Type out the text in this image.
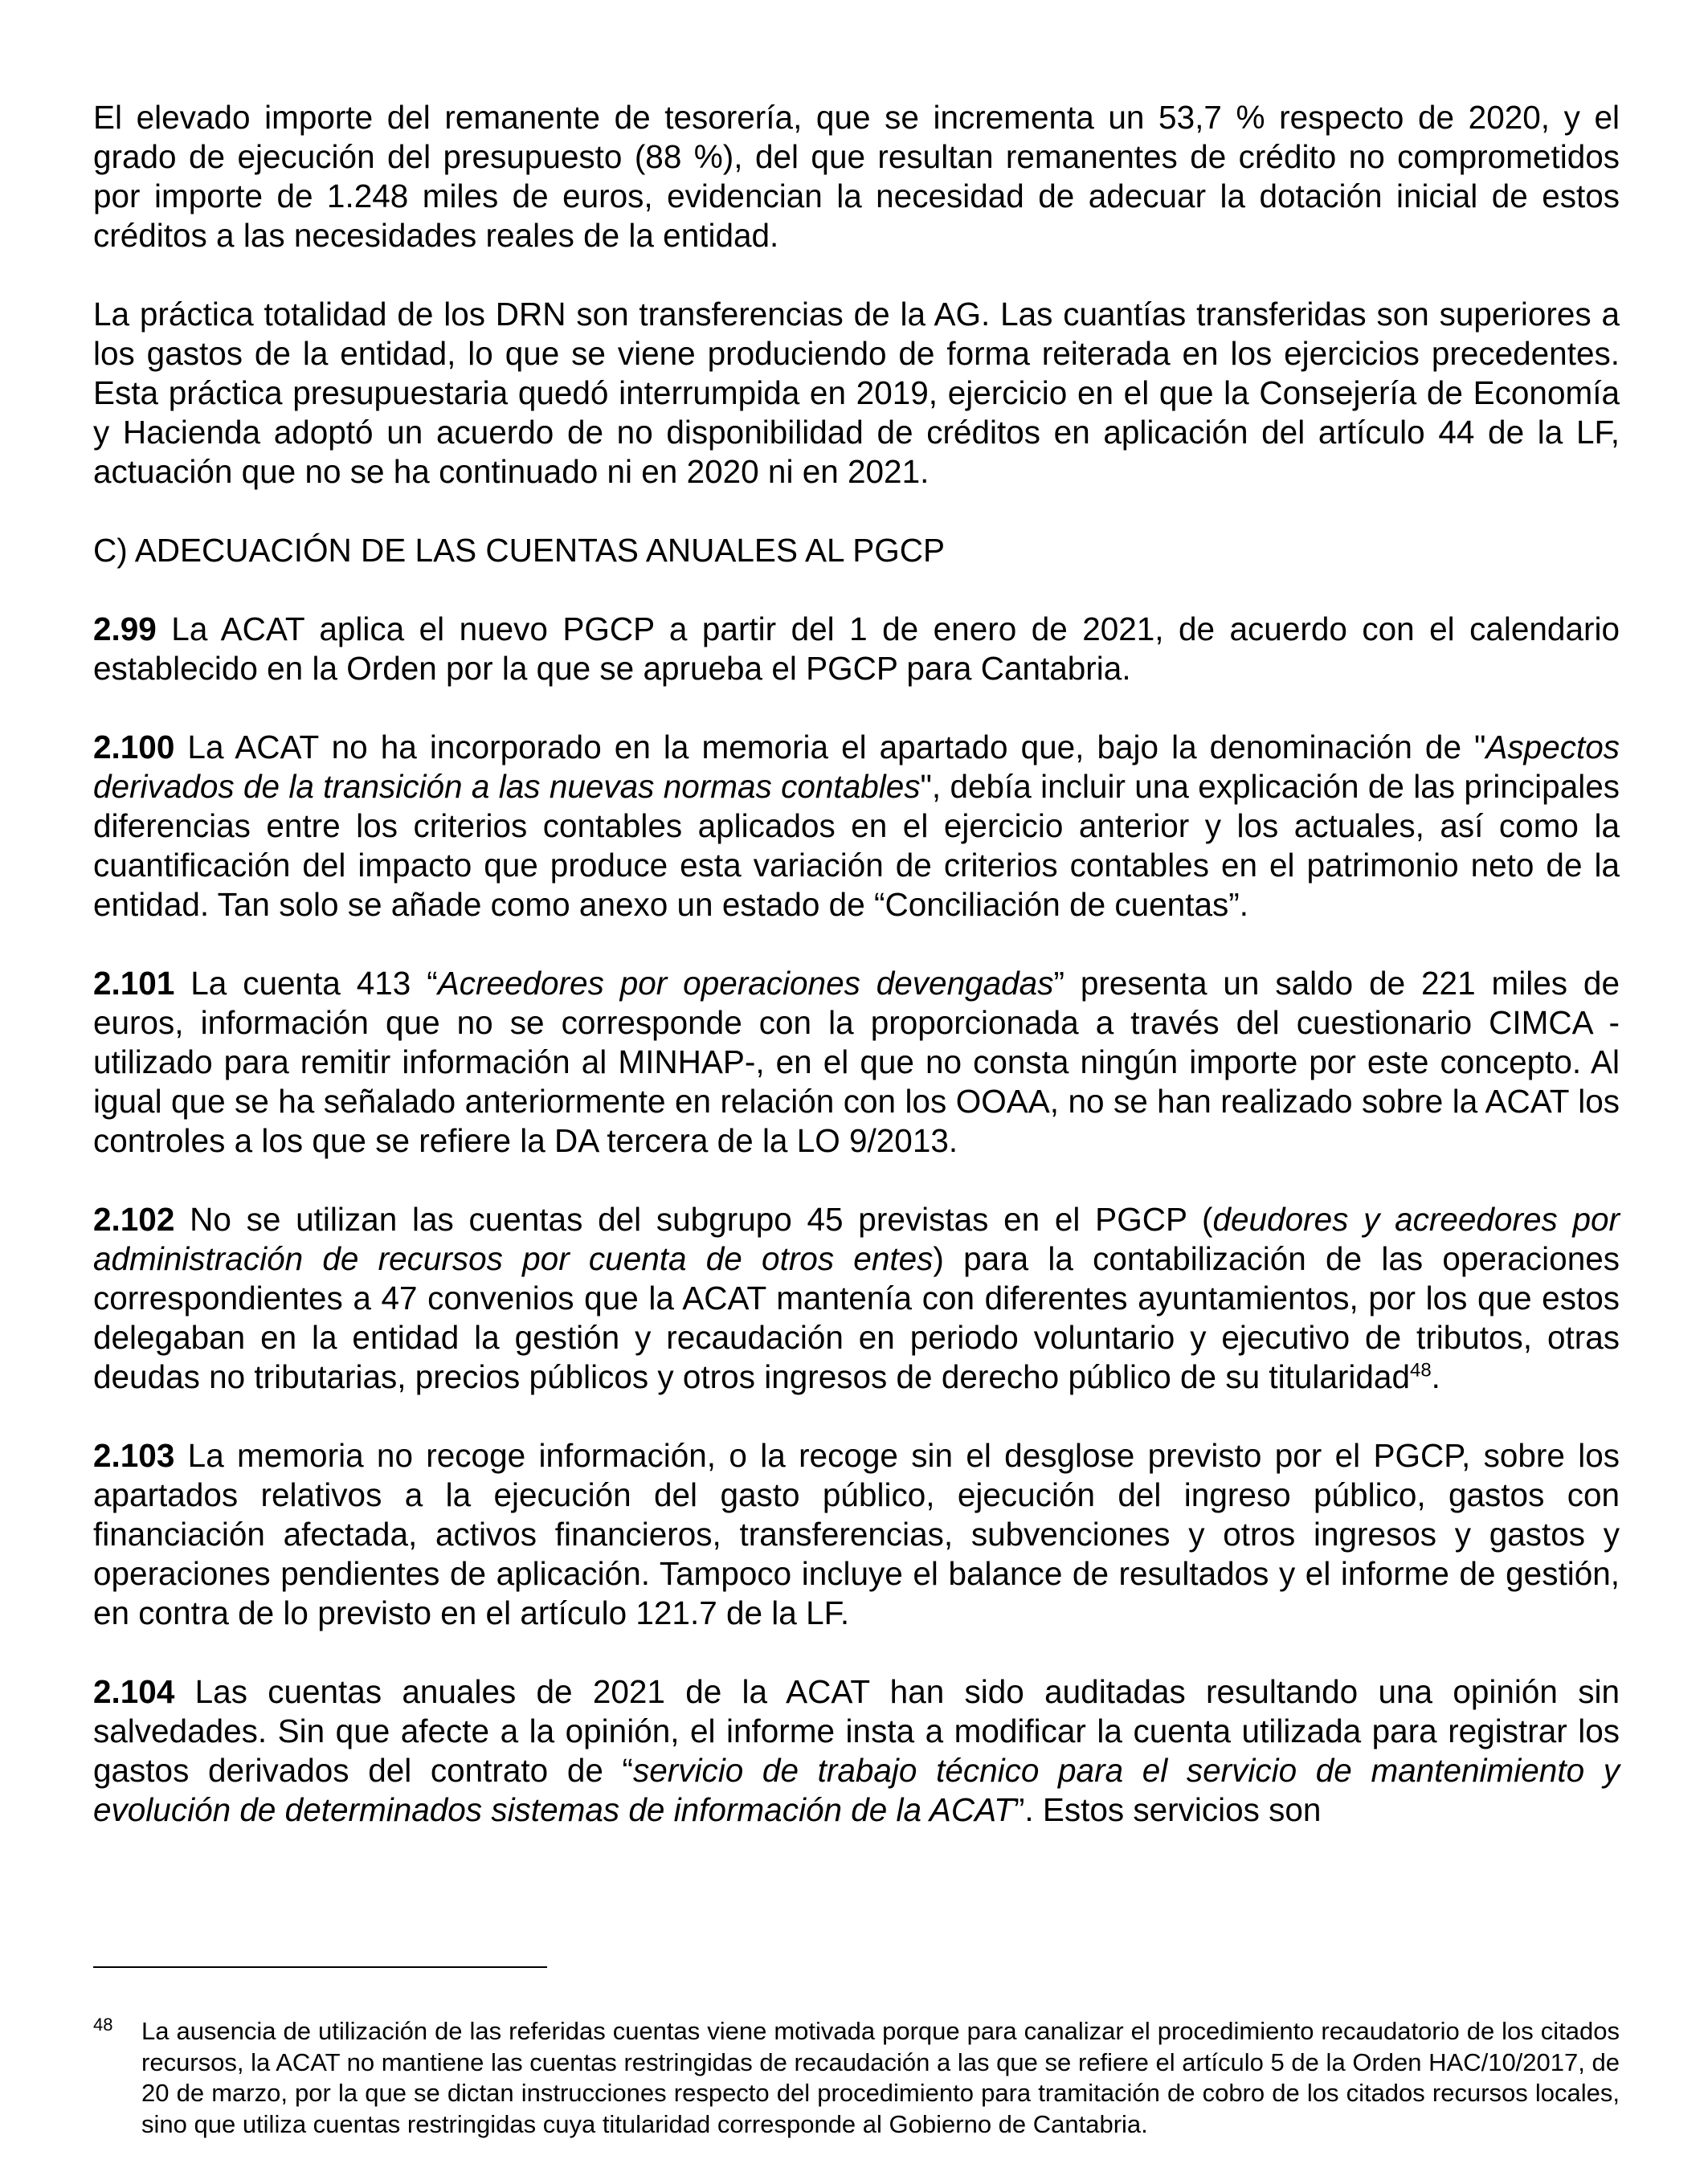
El elevado importe del remanente de tesorería, que se incrementa un 53,7 % respecto de 2020, y el grado de ejecución del presupuesto (88 %), del que resultan remanentes de crédito no comprometidos por importe de 1.248 miles de euros, evidencian la necesidad de adecuar la dotación inicial de estos créditos a las necesidades reales de la entidad.

La práctica totalidad de los DRN son transferencias de la AG. Las cuantías transferidas son superiores a los gastos de la entidad, lo que se viene produciendo de forma reiterada en los ejercicios precedentes. Esta práctica presupuestaria quedó interrumpida en 2019, ejercicio en el que la Consejería de Economía y Hacienda adoptó un acuerdo de no disponibilidad de créditos en aplicación del artículo 44 de la LF, actuación que no se ha continuado ni en 2020 ni en 2021.

C) ADECUACIÓN DE LAS CUENTAS ANUALES AL PGCP

2.99 La ACAT aplica el nuevo PGCP a partir del 1 de enero de 2021, de acuerdo con el calendario establecido en la Orden por la que se aprueba el PGCP para Cantabria.

2.100 La ACAT no ha incorporado en la memoria el apartado que, bajo la denominación de "Aspectos derivados de la transición a las nuevas normas contables", debía incluir una explicación de las principales diferencias entre los criterios contables aplicados en el ejercicio anterior y los actuales, así como la cuantificación del impacto que produce esta variación de criterios contables en el patrimonio neto de la entidad. Tan solo se añade como anexo un estado de “Conciliación de cuentas”.

2.101 La cuenta 413 “Acreedores por operaciones devengadas” presenta un saldo de 221 miles de euros, información que no se corresponde con la proporcionada a través del cuestionario CIMCA -utilizado para remitir información al MINHAP-, en el que no consta ningún importe por este concepto. Al igual que se ha señalado anteriormente en relación con los OOAA, no se han realizado sobre la ACAT los controles a los que se refiere la DA tercera de la LO 9/2013.

2.102 No se utilizan las cuentas del subgrupo 45 previstas en el PGCP (deudores y acreedores por administración de recursos por cuenta de otros entes) para la contabilización de las operaciones correspondientes a 47 convenios que la ACAT mantenía con diferentes ayuntamientos, por los que estos delegaban en la entidad la gestión y recaudación en periodo voluntario y ejecutivo de tributos, otras deudas no tributarias, precios públicos y otros ingresos de derecho público de su titularidad$^{48}$.

2.103 La memoria no recoge información, o la recoge sin el desglose previsto por el PGCP, sobre los apartados relativos a la ejecución del gasto público, ejecución del ingreso público, gastos con financiación afectada, activos financieros, transferencias, subvenciones y otros ingresos y gastos y operaciones pendientes de aplicación. Tampoco incluye el balance de resultados y el informe de gestión, en contra de lo previsto en el artículo 121.7 de la LF.

2.104 Las cuentas anuales de 2021 de la ACAT han sido auditadas resultando una opinión sin salvedades. Sin que afecte a la opinión, el informe insta a modificar la cuenta utilizada para registrar los gastos derivados del contrato de “servicio de trabajo técnico para el servicio de mantenimiento y evolución de determinados sistemas de información de la ACAT”. Estos servicios son

48 La ausencia de utilización de las referidas cuentas viene motivada porque para canalizar el procedimiento recaudatorio de los citados recursos, la ACAT no mantiene las cuentas restringidas de recaudación a las que se refiere el artículo 5 de la Orden HAC/10/2017, de 20 de marzo, por la que se dictan instrucciones respecto del procedimiento para tramitación de cobro de los citados recursos locales, sino que utiliza cuentas restringidas cuya titularidad corresponde al Gobierno de Cantabria.
